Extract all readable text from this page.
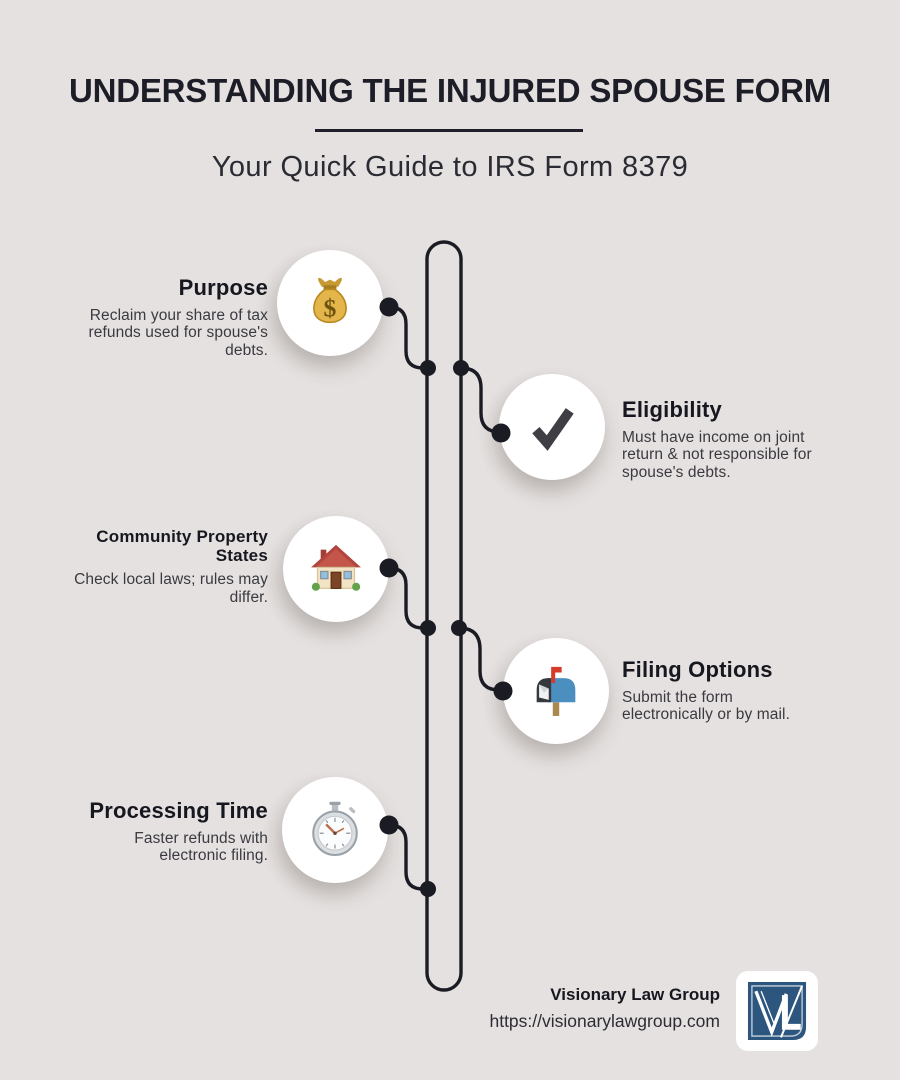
UNDERSTANDING THE INJURED SPOUSE FORM
Your Quick Guide to IRS Form 8379
$
Purpose

Reclaim your share of tax refunds used for spouse's debts.

Eligibility

Must have income on joint return & not responsible for spouse's debts.

Community Property States

Check local laws; rules may differ.

Filing Options

Submit the form electronically or by mail.

Processing Time

Faster refunds with electronic filing.

Visionary Law Group

https://visionarylawgroup.com
